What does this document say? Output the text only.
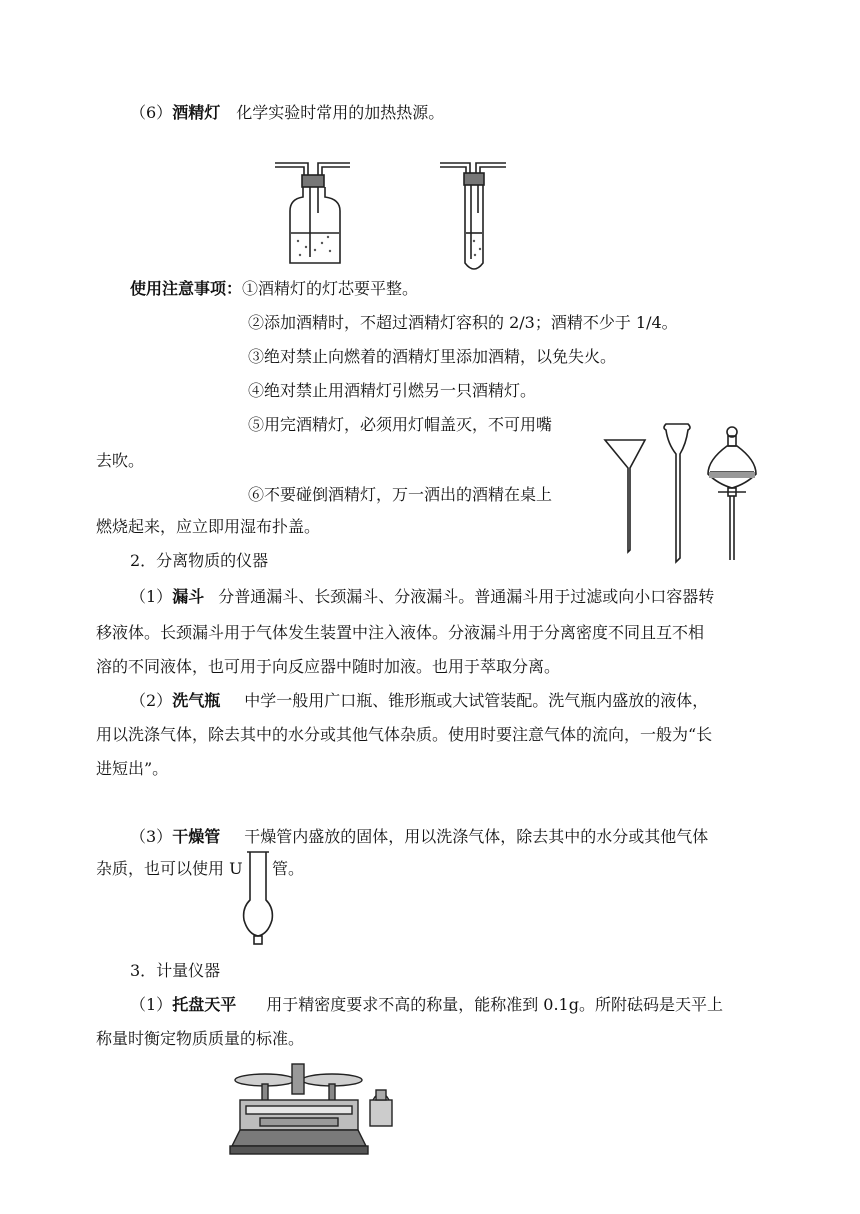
（6）酒精灯 化学实验时常用的加热热源。
使用注意事项：①酒精灯的灯芯要平整。
②添加酒精时，不超过酒精灯容积的 2/3；酒精不少于 1/4。
③绝对禁止向燃着的酒精灯里添加酒精，以免失火。
④绝对禁止用酒精灯引燃另一只酒精灯。
⑤用完酒精灯，必须用灯帽盖灭，不可用嘴
去吹。
⑥不要碰倒酒精灯，万一洒出的酒精在桌上
燃烧起来，应立即用湿布扑盖。
2．分离物质的仪器
（1）漏斗 分普通漏斗、长颈漏斗、分液漏斗。普通漏斗用于过滤或向小口容器转
移液体。长颈漏斗用于气体发生装置中注入液体。分液漏斗用于分离密度不同且互不相
溶的不同液体，也可用于向反应器中随时加液。也用于萃取分离。
（2）洗气瓶 中学一般用广口瓶、锥形瓶或大试管装配。洗气瓶内盛放的液体，
用以洗涤气体，除去其中的水分或其他气体杂质。使用时要注意气体的流向，一般为“长
进短出”。
（3）干燥管 干燥管内盛放的固体，用以洗涤气体，除去其中的水分或其他气体
杂质，也可以使用 U 管。
3．计量仪器
（1）托盘天平 用于精密度要求不高的称量，能称准到 0.1g。所附砝码是天平上
称量时衡定物质质量的标准。
